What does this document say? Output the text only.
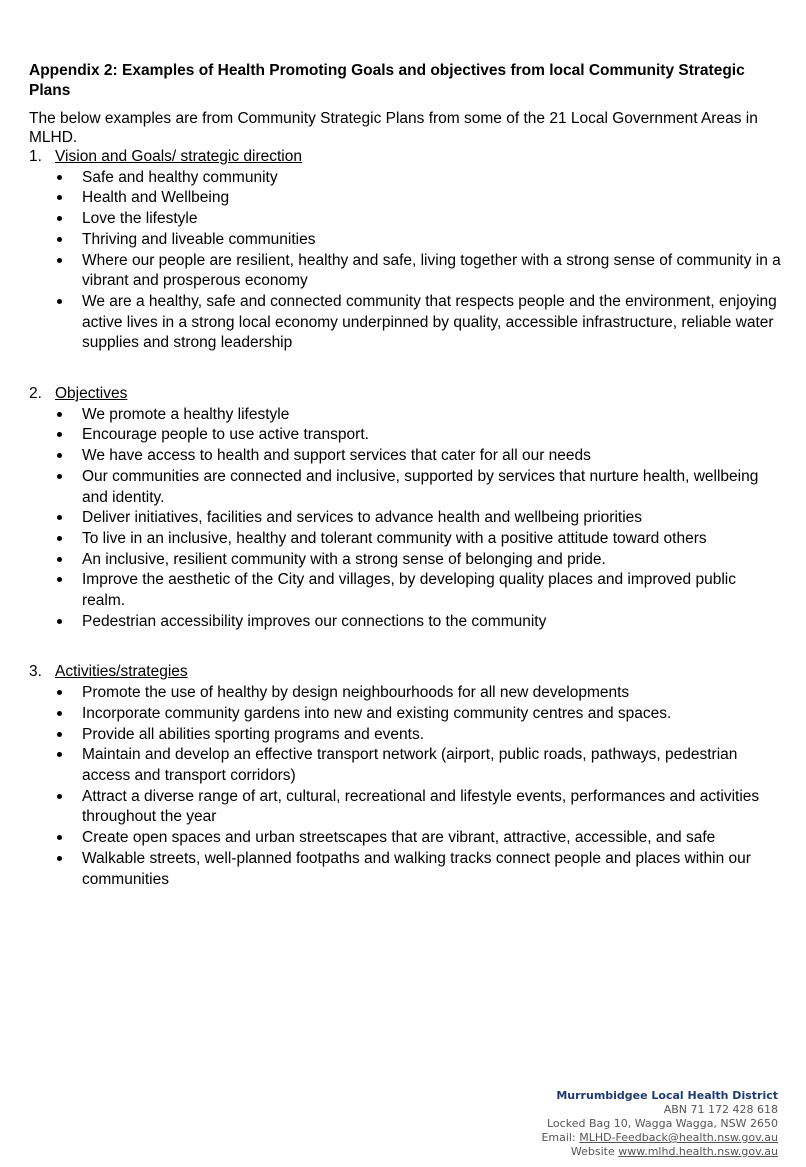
Appendix 2: Examples of Health Promoting Goals and objectives from local Community Strategic Plans

The below examples are from Community Strategic Plans from some of the 21 Local Government Areas in MLHD.

1. Vision and Goals/ strategic direction
Safe and healthy community
Health and Wellbeing
Love the lifestyle
Thriving and liveable communities
Where our people are resilient, healthy and safe, living together with a strong sense of community in a vibrant and prosperous economy
We are a healthy, safe and connected community that respects people and the environment, enjoying active lives in a strong local economy underpinned by quality, accessible infrastructure, reliable water supplies and strong leadership
2. Objectives
We promote a healthy lifestyle
Encourage people to use active transport.
We have access to health and support services that cater for all our needs
Our communities are connected and inclusive, supported by services that nurture health, wellbeing and identity.
Deliver initiatives, facilities and services to advance health and wellbeing priorities
To live in an inclusive, healthy and tolerant community with a positive attitude toward others
An inclusive, resilient community with a strong sense of belonging and pride.
Improve the aesthetic of the City and villages, by developing quality places and improved public realm.
Pedestrian accessibility improves our connections to the community
3. Activities/strategies
Promote the use of healthy by design neighbourhoods for all new developments
Incorporate community gardens into new and existing community centres and spaces.
Provide all abilities sporting programs and events.
Maintain and develop an effective transport network (airport, public roads, pathways, pedestrian access and transport corridors)
Attract a diverse range of art, cultural, recreational and lifestyle events, performances and activities throughout the year
Create open spaces and urban streetscapes that are vibrant, attractive, accessible, and safe
Walkable streets, well-planned footpaths and walking tracks connect people and places within our communities
Murrumbidgee Local Health District
ABN 71 172 428 618
Locked Bag 10, Wagga Wagga, NSW 2650
Email: MLHD-Feedback@health.nsw.gov.au
Website www.mlhd.health.nsw.gov.au
